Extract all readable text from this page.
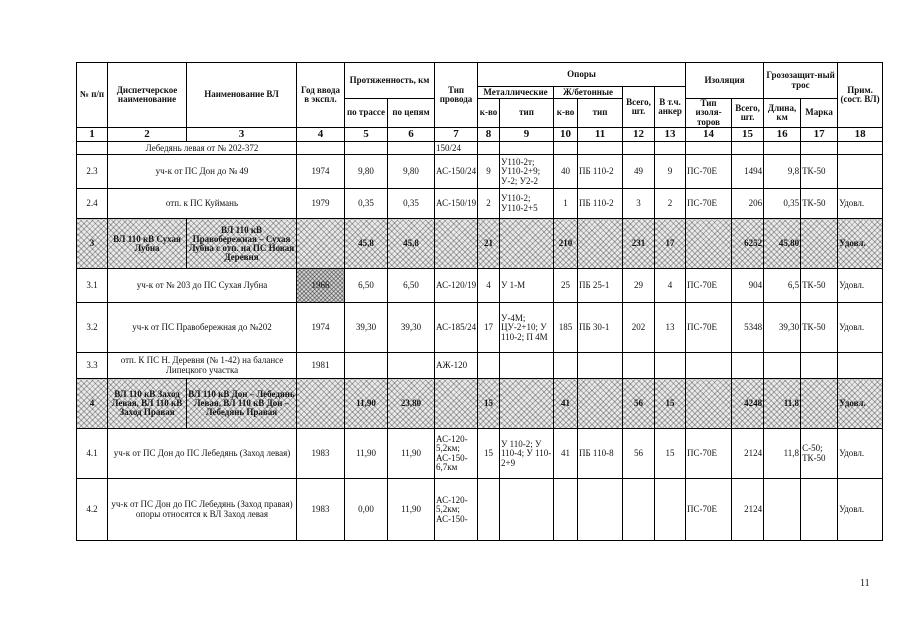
№ п/п	Диспетчерское наименование	Наименование ВЛ	Год ввода в экспл.	Протяженность, км		Тип провода	Опоры						Изоляция		Грозозащит-ный трос		Прим. (сост. ВЛ)
							Металлические		Ж/бетонные		Всего, шт.	В т.ч. анкер					
				по трассе	по цепям		к-во	тип	к-во	тип			Тип изоля-торов	Всего, шт.	Длина, км	Марка	
1	2	3	4	5	6	7	8	9	10	11	12	13	14	15	16	17	18
	Лебедянь левая от № 202-372					150/24											
2.3	уч-к от ПС Дон до № 49		1974	9,80	9,80	АС-150/24	9	У110-2т; У110-2+9; У-2; У2-2	40	ПБ 110-2	49	9	ПС-70Е	1494	9,8	ТК-50	
2.4	отп. к ПС Куймань		1979	0,35	0,35	АС-150/19	2	У110-2; У110-2+5	1	ПБ 110-2	3	2	ПС-70Е	206	0,35	ТК-50	Удовл.
3	ВЛ 110 кВ Сухая Лубна	ВЛ 110 кВ Правобережная – Сухая Лубна с отп. на ПС Новая Деревня		45,8	45,8		21		210		231	17		6252	45,80		Удовл.
3.1	уч-к от № 203 до ПС Сухая Лубна		1966	6,50	6,50	АС-120/19	4	У 1-М	25	ПБ 25-1	29	4	ПС-70Е	904	6,5	ТК-50	Удовл.
3.2	уч-к от ПС Правобережная до №202		1974	39,30	39,30	АС-185/24	17	У-4М; ЦУ-2+10; У 110-2; П 4М	185	ПБ 30-1	202	13	ПС-70Е	5348	39,30	ТК-50	Удовл.
3.3	отп. К ПС Н. Деревня (№ 1-42) на балансе Липецкого участка		1981			АЖ-120											
4	ВЛ 110 кВ Заход Левая, ВЛ 110 кВ Заход Правая	ВЛ 110 кВ Дон – Лебедянь Левая, ВЛ 110 кВ Дон – Лебедянь Правая		11,90	23,80		15		41		56	15		4248	11,8		Удовл.
4.1	уч-к от ПС Дон до ПС Лебедянь (Заход левая)		1983	11,90	11,90	АС-120-5,2км; АС-150-6,7км	15	У 110-2; У 110-4; У 110-2+9	41	ПБ 110-8	56	15	ПС-70Е	2124	11,8	С-50; ТК-50	Удовл.
4.2	уч-к от ПС Дон до ПС Лебедянь (Заход правая) опоры относятся к ВЛ Заход левая		1983	0,00	11,90	АС-120-5,2км; АС-150-							ПС-70Е	2124			Удовл.
11
